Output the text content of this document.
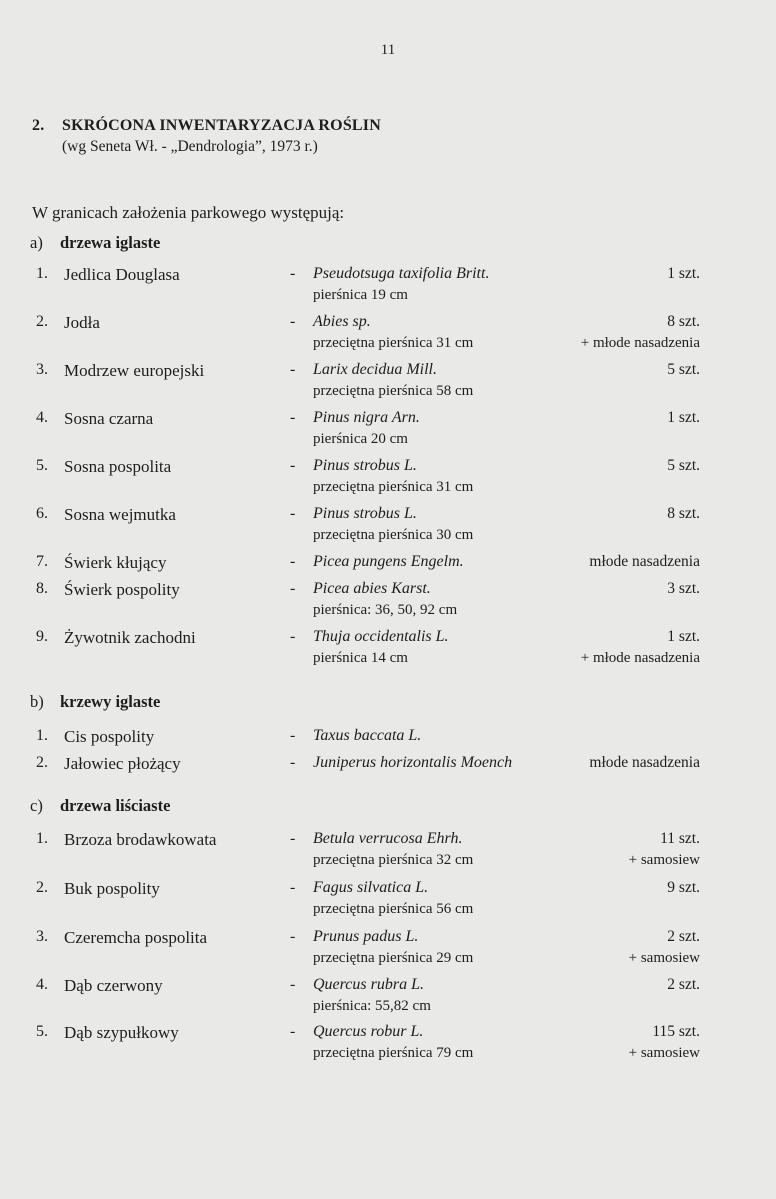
11
2. SKRÓCONA INWENTARYZACJA ROŚLIN
(wg Seneta Wł. - „Dendrologia”, 1973 r.)
W granicach założenia parkowego występują:
a) drzewa iglaste
1. Jedlica Douglasa	- Pseudotsuga taxifolia Britt.
pierśnica 19 cm
1 szt.
2. Jodła	- Abies sp.
przeciętna pierśnica 31 cm
8 szt.
+ młode nasadzenia
3. Modrzew europejski	- Larix decidua Mill.
przeciętna pierśnica 58 cm
5 szt.
4. Sosna czarna	- Pinus nigra Arn.
pierśnica 20 cm
1 szt.
5. Sosna pospolita	- Pinus strobus L.
przeciętna pierśnica 31 cm
5 szt.
6. Sosna wejmutka	- Pinus strobus L.
przeciętna pierśnica 30 cm
8 szt.
7. Świerk kłujący	- Picea pungens Engelm.	młode nasadzenia
8. Świerk pospolity	- Picea abies Karst.
pierśnica: 36, 50, 92 cm
3 szt.
9. Żywotnik zachodni	- Thuja occidentalis L.
pierśnica 14 cm
1 szt.
+ młode nasadzenia
b) krzewy iglaste
1. Cis pospolity	- Taxus baccata L.
2. Jałowiec płożący	- Juniperus horizontalis Moench	młode nasadzenia
c) drzewa liściaste
1. Brzoza brodawkowata	- Betula verrucosa Ehrh.
przeciętna pierśnica 32 cm
11 szt.
+ samosiew
2. Buk pospolity	- Fagus silvatica L.
przeciętna pierśnica 56 cm
9 szt.
3. Czeremcha pospolita	- Prunus padus L.
przeciętna pierśnica 29 cm
2 szt.
+ samosiew
4. Dąb czerwony	- Quercus rubra L.
pierśnica: 55,82 cm
2 szt.
5. Dąb szypułkowy	- Quercus robur L.
przeciętna pierśnica 79 cm
115 szt.
+ samosiew
